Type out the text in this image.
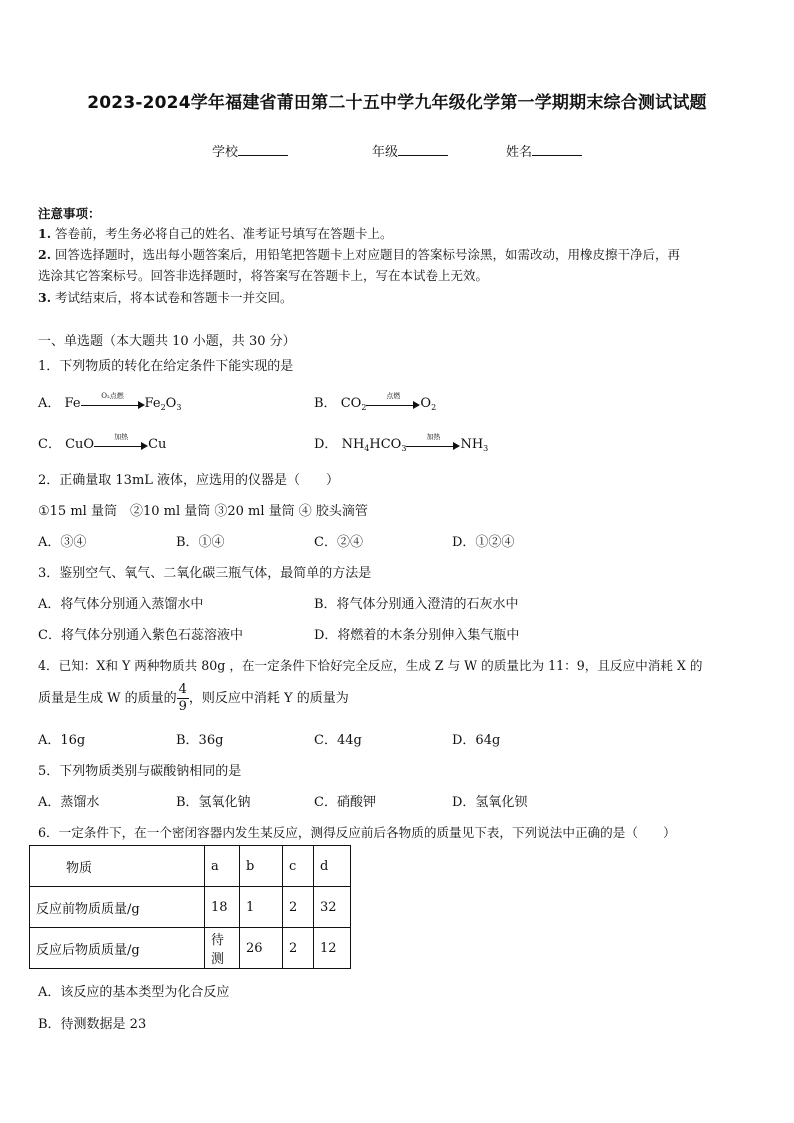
2023-2024学年福建省莆田第二十五中学九年级化学第一学期期末综合测试试题
学校	年级	姓名
注意事项：
1. 答卷前，考生务必将自己的姓名、准考证号填写在答题卡上。
2. 回答选择题时，选出每小题答案后，用铅笔把答题卡上对应题目的答案标号涂黑，如需改动，用橡皮擦干净后，再
选涂其它答案标号。回答非选择题时，将答案写在答题卡上，写在本试卷上无效。
3. 考试结束后，将本试卷和答题卡一并交回。
一、单选题（本大题共 10 小题，共 30 分）
1．下列物质的转化在给定条件下能实现的是
A． Fe
O₂点燃
$Fe_2O_3$	B． $CO_2$
点燃
$O_2$
C． CuO
加热
Cu	D． $NH_4HCO_3$
加热
$NH_3$
2．正确量取 13mL 液体，应选用的仪器是（　　）
①15 ml 量筒　②10 ml 量筒 ③20 ml 量筒 ④ 胶头滴管
A．③④	B．①④	C．②④	D．①②④
3．鉴别空气、氧气、二氧化碳三瓶气体，最简单的方法是
A．将气体分别通入蒸馏水中	B．将气体分别通入澄清的石灰水中
C．将气体分别通入紫色石蕊溶液中	D．将燃着的木条分别伸入集气瓶中
4．已知：X和 Y 两种物质共 80g ，在一定条件下恰好完全反应，生成 Z 与 W 的质量比为 11：9，且反应中消耗 X 的
质量是生成 W 的质量的 $\frac{4}{9}$ ，则反应中消耗 Y 的质量为
A．16g	B．36g	C．44g	D．64g
5．下列物质类别与碳酸钠相同的是
A．蒸馏水	B．氢氧化钠	C．硝酸钾	D．氢氧化钡
6．一定条件下，在一个密闭容器内发生某反应，测得反应前后各物质的质量见下表，下列说法中正确的是（　　）
物质	a	b	c	d
反应前物质质量/g	18	1	2	32
反应后物质质量/g	待测	26	2	12
A．该反应的基本类型为化合反应
B．待测数据是 23
